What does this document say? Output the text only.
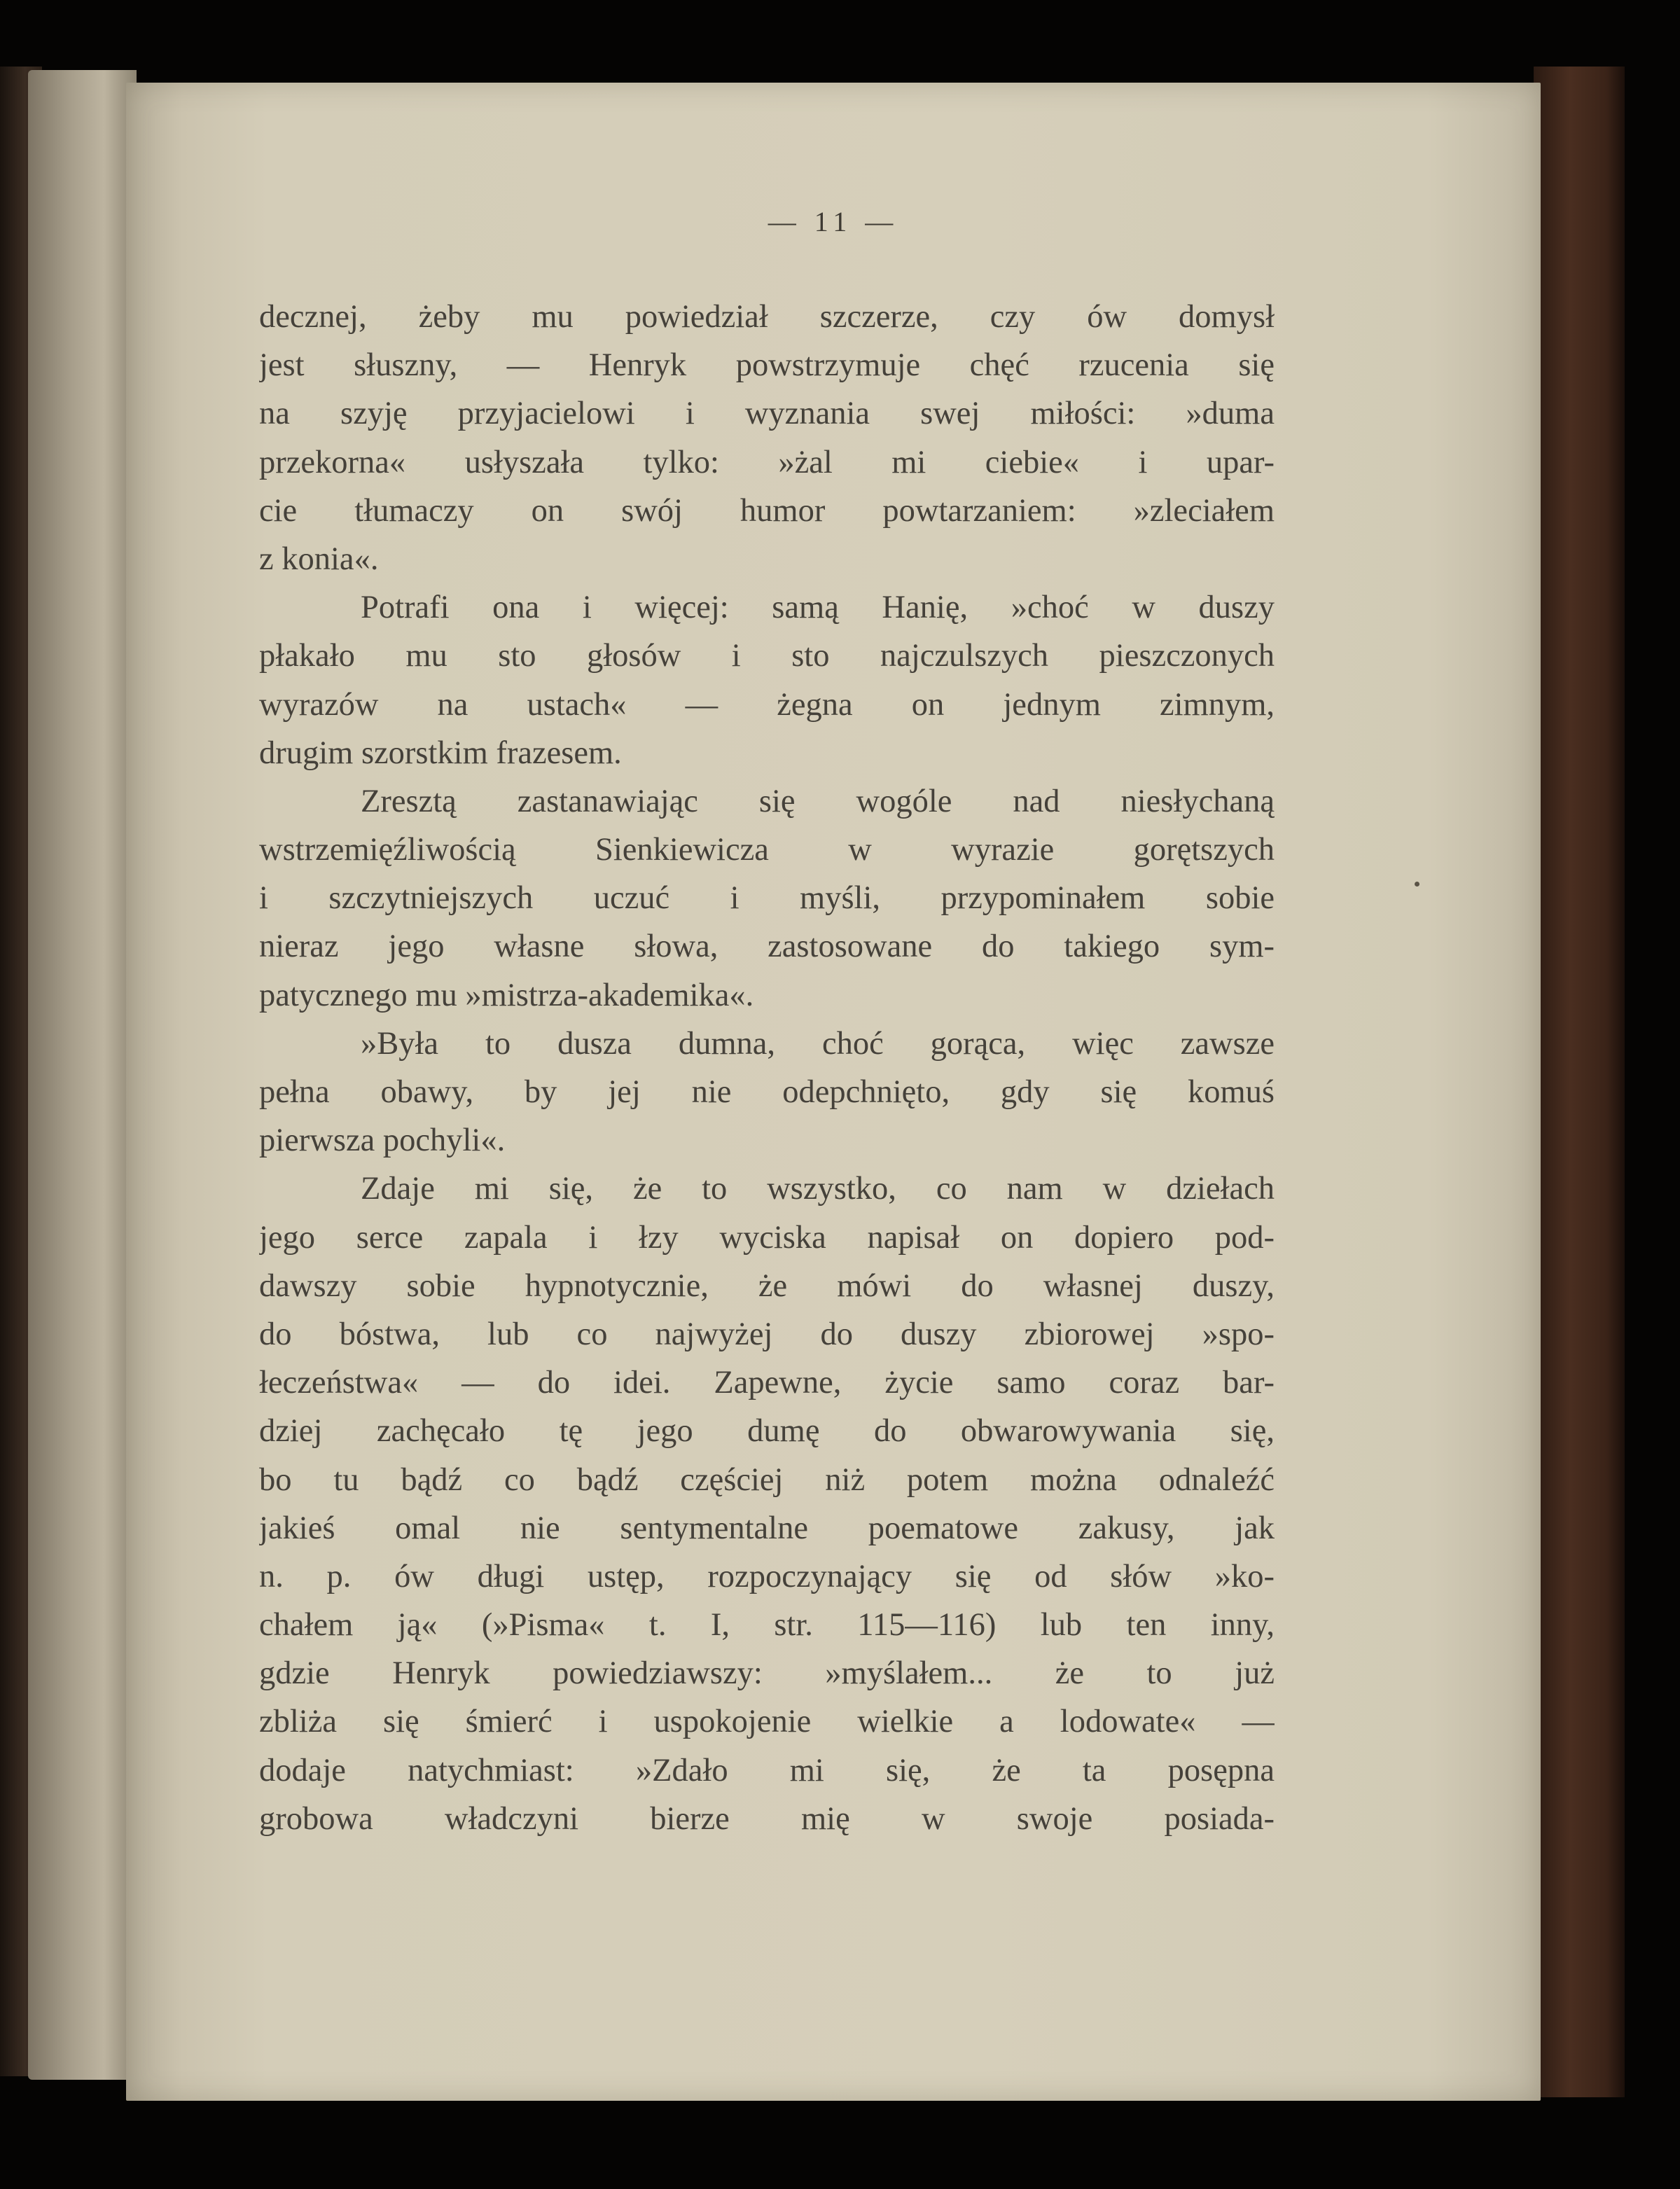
— 11 —
decznej, żeby mu powiedział szczerze, czy ów domysł
jest słuszny, — Henryk powstrzymuje chęć rzucenia się
na szyję przyjacielowi i wyznania swej miłości: »duma
przekorna« usłyszała tylko: »żal mi ciebie« i upar-
cie tłumaczy on swój humor powtarzaniem: »zleciałem
z konia«.
Potrafi ona i więcej: samą Hanię, »choć w duszy
płakało mu sto głosów i sto najczulszych pieszczonych
wyrazów na ustach« — żegna on jednym zimnym,
drugim szorstkim frazesem.
Zresztą zastanawiając się wogóle nad niesłychaną
wstrzemięźliwością Sienkiewicza w wyrazie gorętszych
i szczytniejszych uczuć i myśli, przypominałem sobie
nieraz jego własne słowa, zastosowane do takiego sym-
patycznego mu »mistrza-akademika«.
»Była to dusza dumna, choć gorąca, więc zawsze
pełna obawy, by jej nie odepchnięto, gdy się komuś
pierwsza pochyli«.
Zdaje mi się, że to wszystko, co nam w dziełach
jego serce zapala i łzy wyciska napisał on dopiero pod-
dawszy sobie hypnotycznie, że mówi do własnej duszy,
do bóstwa, lub co najwyżej do duszy zbiorowej »spo-
łeczeństwa« — do idei. Zapewne, życie samo coraz bar-
dziej zachęcało tę jego dumę do obwarowywania się,
bo tu bądź co bądź częściej niż potem można odnaleźć
jakieś omal nie sentymentalne poematowe zakusy, jak
n. p. ów długi ustęp, rozpoczynający się od słów »ko-
chałem ją« (»Pisma« t. I, str. 115—116) lub ten inny,
gdzie Henryk powiedziawszy: »myślałem... że to już
zbliża się śmierć i uspokojenie wielkie a lodowate« —
dodaje natychmiast: »Zdało mi się, że ta posępna
grobowa władczyni bierze mię w swoje posiada-
